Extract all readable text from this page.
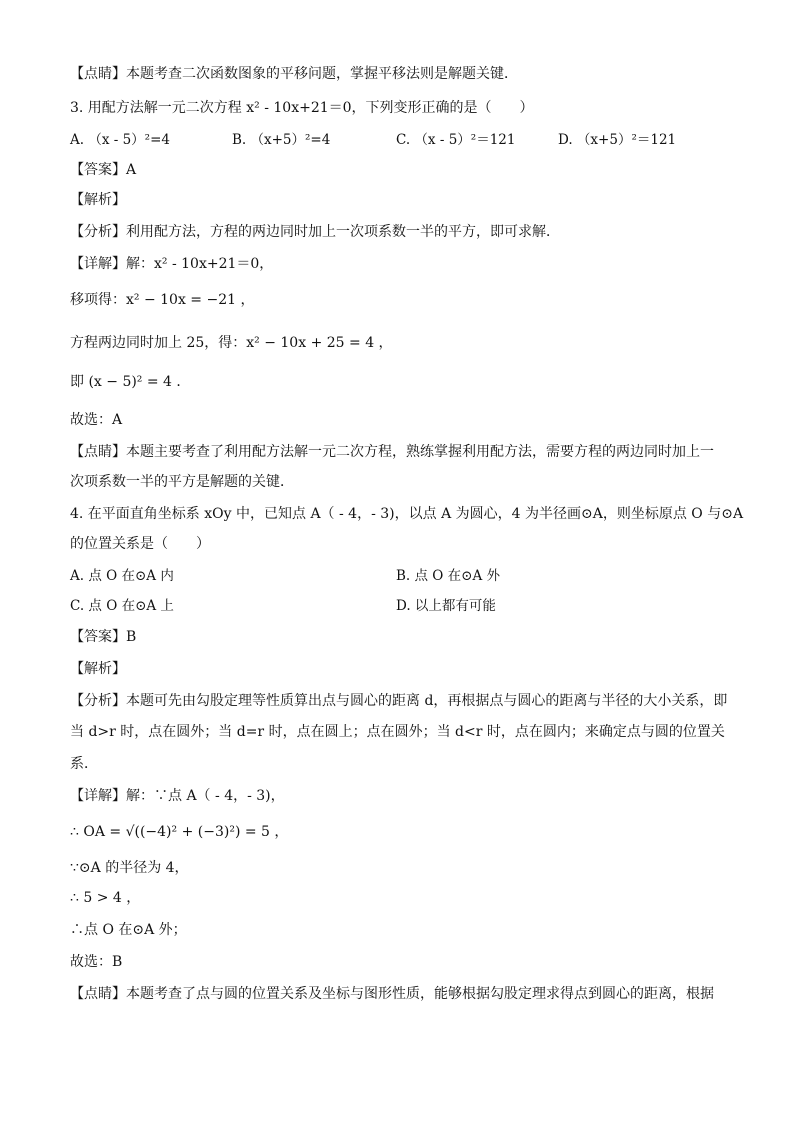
【点睛】本题考查二次函数图象的平移问题，掌握平移法则是解题关键．
3. 用配方法解一元二次方程 x² - 10x+21＝0，下列变形正确的是（　　）
A. （x - 5）²=4	B. （x+5）²=4	C. （x - 5）²＝121	D. （x+5）²＝121
【答案】A
【解析】
【分析】利用配方法，方程的两边同时加上一次项系数一半的平方，即可求解．
【详解】解：x² - 10x+21＝0，
移项得：x² − 10x = −21 ，
方程两边同时加上 25，得：x² − 10x + 25 = 4 ，
即 (x − 5)² = 4 ．
故选：A
【点睛】本题主要考查了利用配方法解一元二次方程，熟练掌握利用配方法，需要方程的两边同时加上一
次项系数一半的平方是解题的关键．
4. 在平面直角坐标系 xOy 中，已知点 A（ - 4，- 3)，以点 A 为圆心，4 为半径画⊙A，则坐标原点 O 与⊙A
的位置关系是（　　）
A. 点 O 在⊙A 内	B. 点 O 在⊙A 外
C. 点 O 在⊙A 上	D. 以上都有可能
【答案】B
【解析】
【分析】本题可先由勾股定理等性质算出点与圆心的距离 d，再根据点与圆心的距离与半径的大小关系，即
当 d>r 时，点在圆外；当 d=r 时，点在圆上；点在圆外；当 d<r 时，点在圆内；来确定点与圆的位置关
系．
【详解】解：∵点 A（ - 4，- 3)，
∴ OA = √((−4)² + (−3)²) = 5 ，
∵⊙A 的半径为 4，
∴ 5 > 4 ，
∴点 O 在⊙A 外；
故选：B
【点睛】本题考查了点与圆的位置关系及坐标与图形性质，能够根据勾股定理求得点到圆心的距离，根据
